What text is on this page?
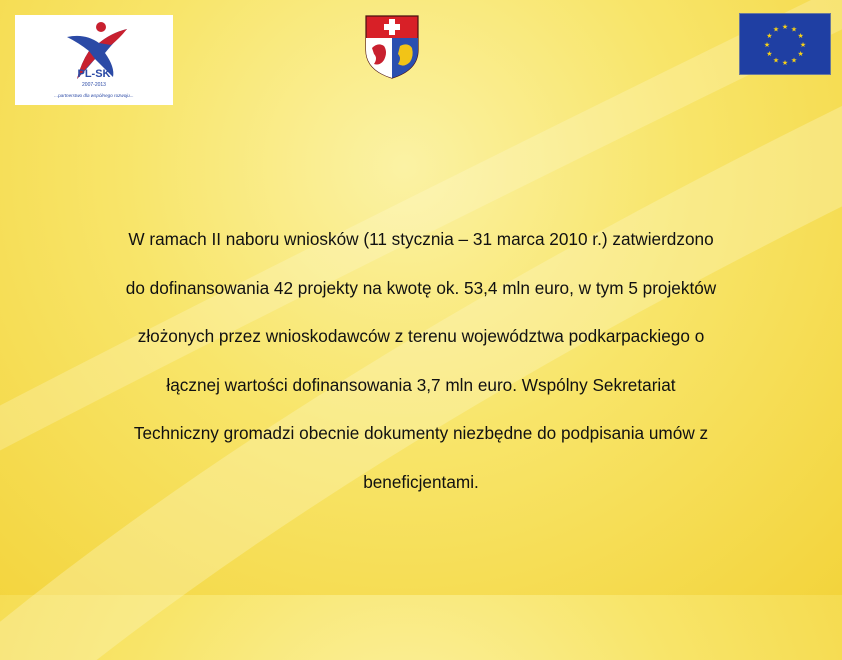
PL-SK
2007-2013
...partnerstwo dla wspólnego rozwoju...
★ ★
★
★
★
★
★
★
★
★
★
★

W ramach II naboru wniosków (11 stycznia – 31 marca 2010 r.) zatwierdzono

do dofinansowania 42 projekty na kwotę ok. 53,4 mln euro, w tym 5 projektów

złożonych przez wnioskodawców z terenu województwa podkarpackiego o

łącznej wartości dofinansowania 3,7 mln euro. Wspólny Sekretariat

Techniczny gromadzi obecnie dokumenty niezbędne do podpisania umów z

beneficjentami.
